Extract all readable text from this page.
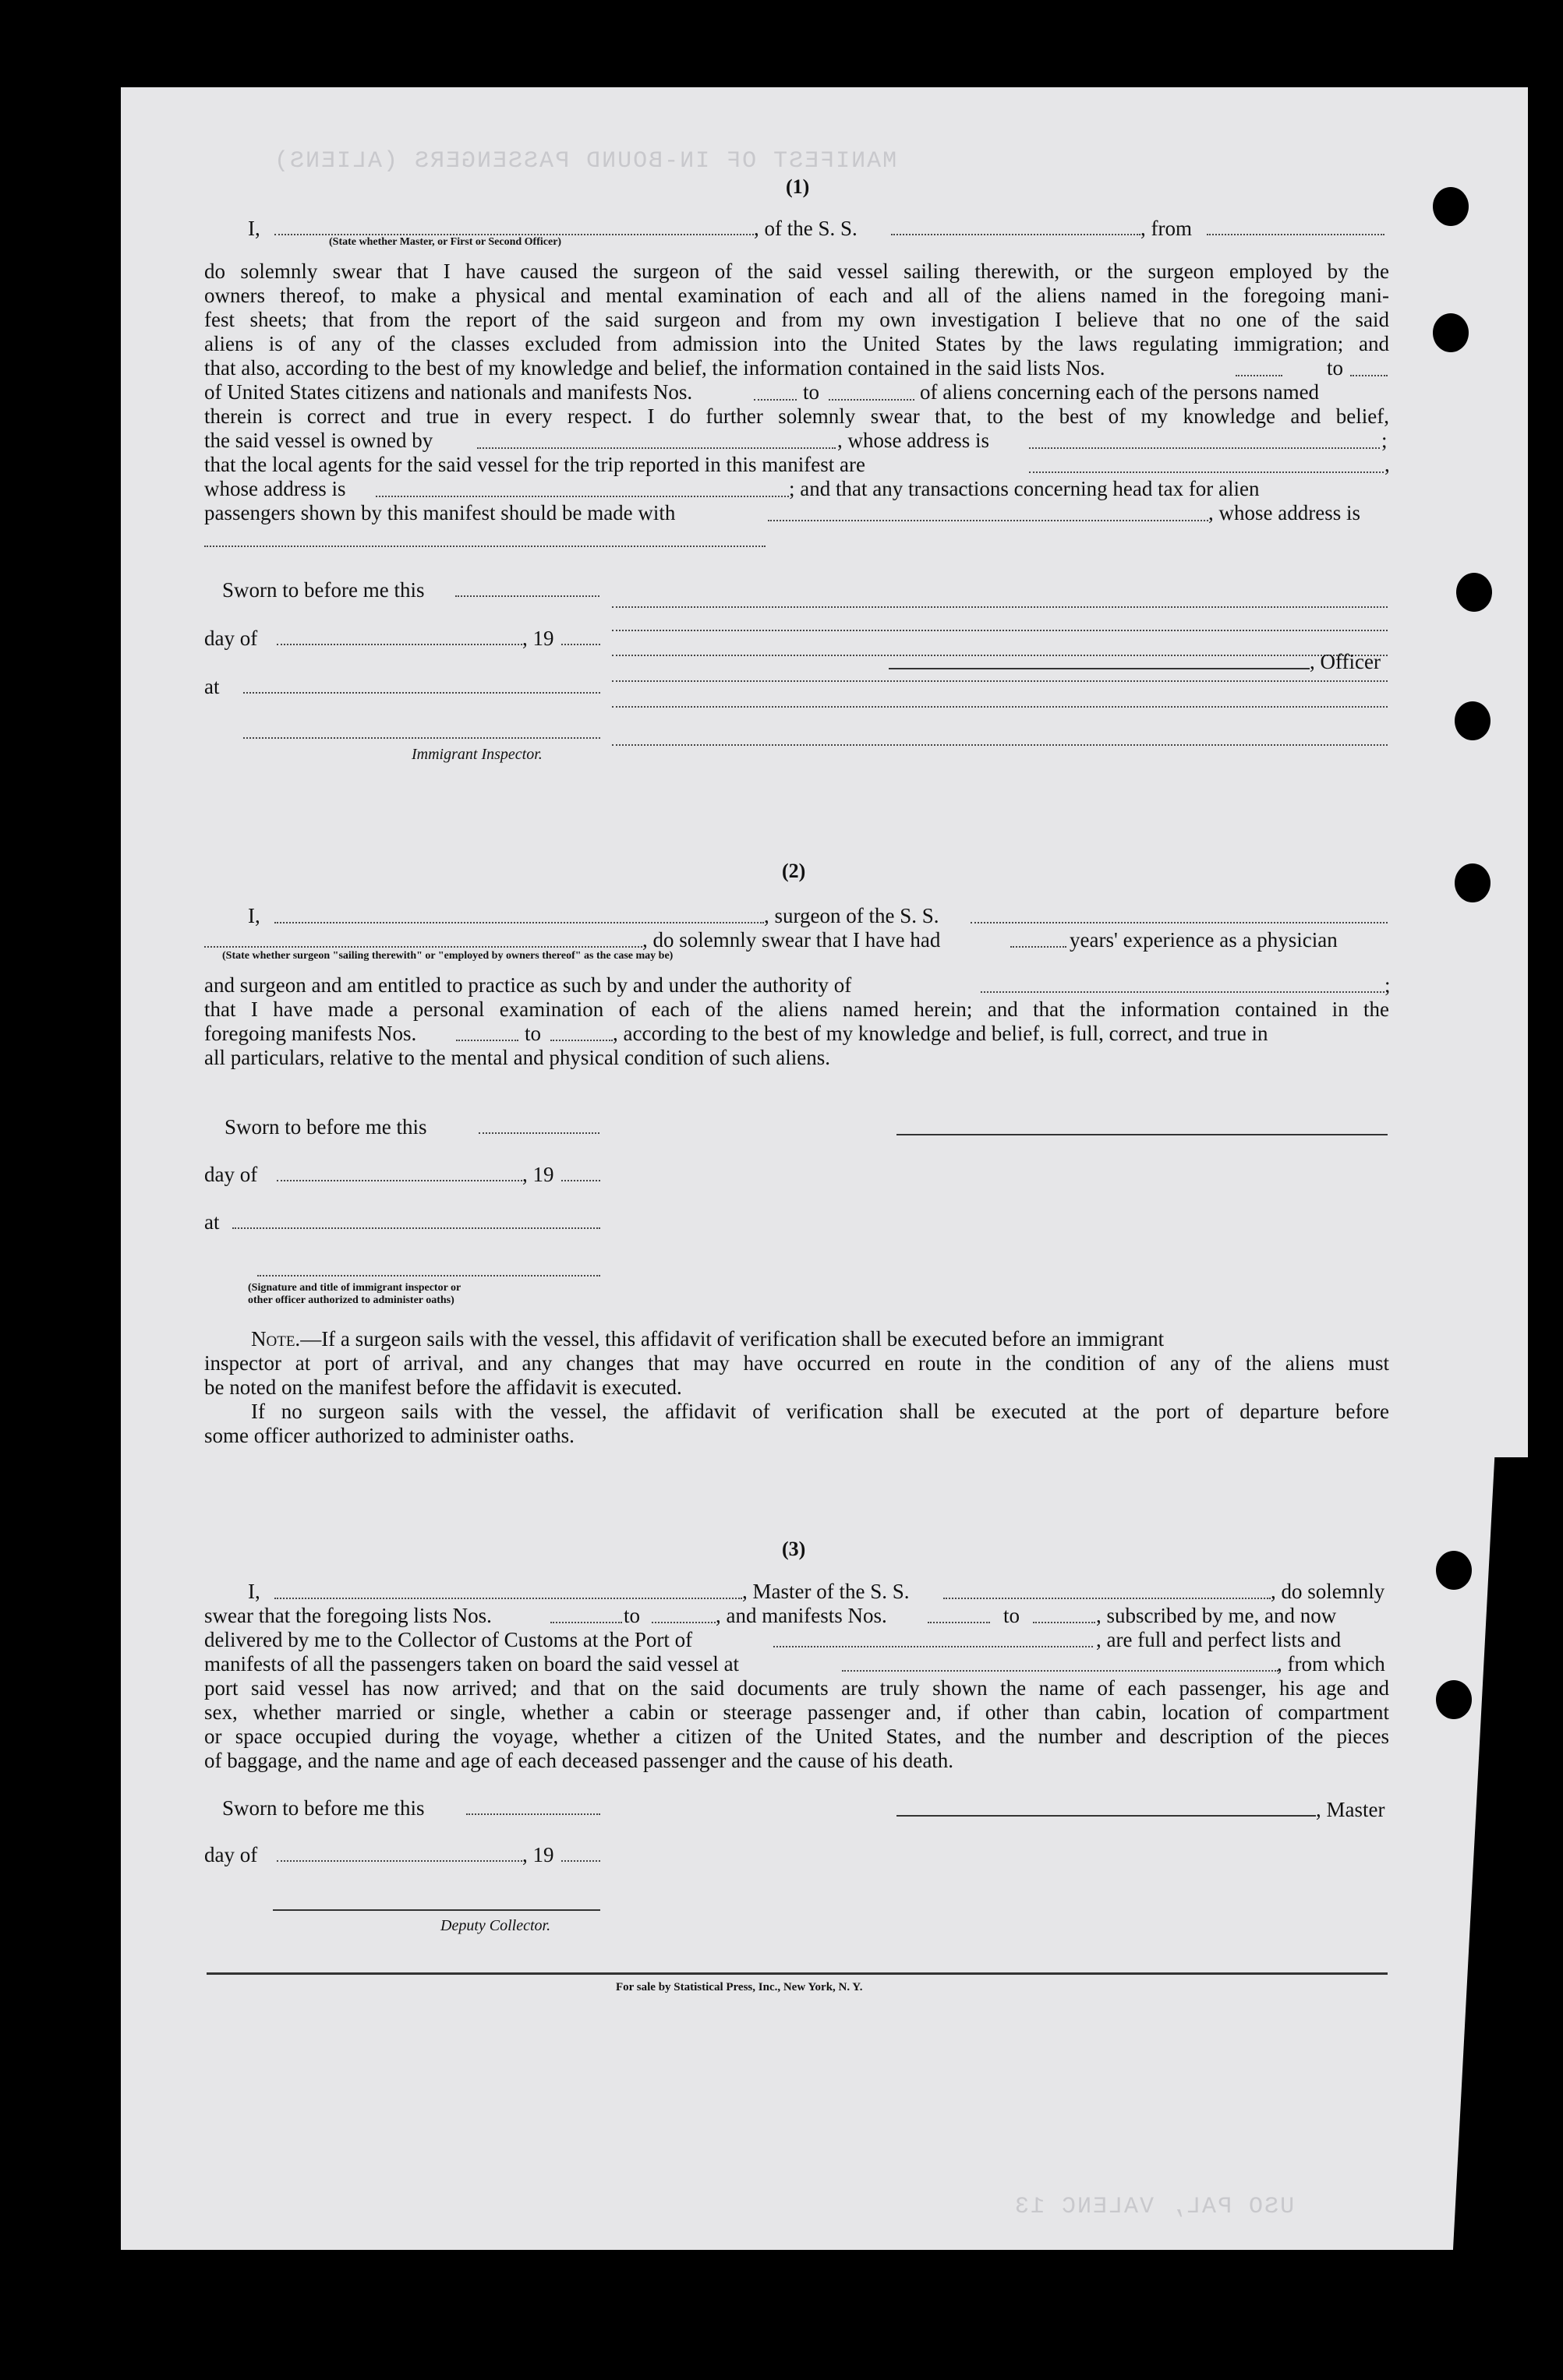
MANIFEST OF IN-BOUND PASSENGERS (ALIENS)
USO PAL, VALENC 13
(1)
I,	, of the S. S.	, from
(State whether Master, or First or Second Officer)
do solemnly swear that I have caused the surgeon of the said vessel sailing therewith, or the surgeon employed by the
owners thereof, to make a physical and mental examination of each and all of the aliens named in the foregoing mani-
fest sheets; that from the report of the said surgeon and from my own investigation I believe that no one of the said
aliens is of any of the classes excluded from admission into the United States by the laws regulating immigration; and
that also, according to the best of my knowledge and belief, the information contained in the said lists Nos.	to
of United States citizens and nationals and manifests Nos.	to	of aliens concerning each of the persons named
therein is correct and true in every respect. I do further solemnly swear that, to the best of my knowledge and belief,
the said vessel is owned by	, whose address is	;
that the local agents for the said vessel for the trip reported in this manifest are	,
whose address is	; and that any transactions concerning head tax for alien
passengers shown by this manifest should be made with	, whose address is
Sworn to before me this
day of	, 19
, Officer
at
Immigrant Inspector.
(2)
I,	, surgeon of the S. S.
, do solemnly swear that I have had	years' experience as a physician
(State whether surgeon "sailing therewith" or "employed by owners thereof" as the case may be)
and surgeon and am entitled to practice as such by and under the authority of	;
that I have made a personal examination of each of the aliens named herein; and that the information contained in the
foregoing manifests Nos.	to	, according to the best of my knowledge and belief, is full, correct, and true in
all particulars, relative to the mental and physical condition of such aliens.
Sworn to before me this
day of	, 19
at
(Signature and title of immigrant inspector or
other officer authorized to administer oaths)
Note.—If a surgeon sails with the vessel, this affidavit of verification shall be executed before an immigrant
inspector at port of arrival, and any changes that may have occurred en route in the condition of any of the aliens must
be noted on the manifest before the affidavit is executed.
If no surgeon sails with the vessel, the affidavit of verification shall be executed at the port of departure before
some officer authorized to administer oaths.
(3)
I,	, Master of the S. S.	, do solemnly
swear that the foregoing lists Nos.	to	, and manifests Nos.	to	, subscribed by me, and now
delivered by me to the Collector of Customs at the Port of	, are full and perfect lists and
manifests of all the passengers taken on board the said vessel at	, from which
port said vessel has now arrived; and that on the said documents are truly shown the name of each passenger, his age and
sex, whether married or single, whether a cabin or steerage passenger and, if other than cabin, location of compartment
or space occupied during the voyage, whether a citizen of the United States, and the number and description of the pieces
of baggage, and the name and age of each deceased passenger and the cause of his death.
Sworn to before me this	, Master
day of	, 19
Deputy Collector.
For sale by Statistical Press, Inc., New York, N. Y.
